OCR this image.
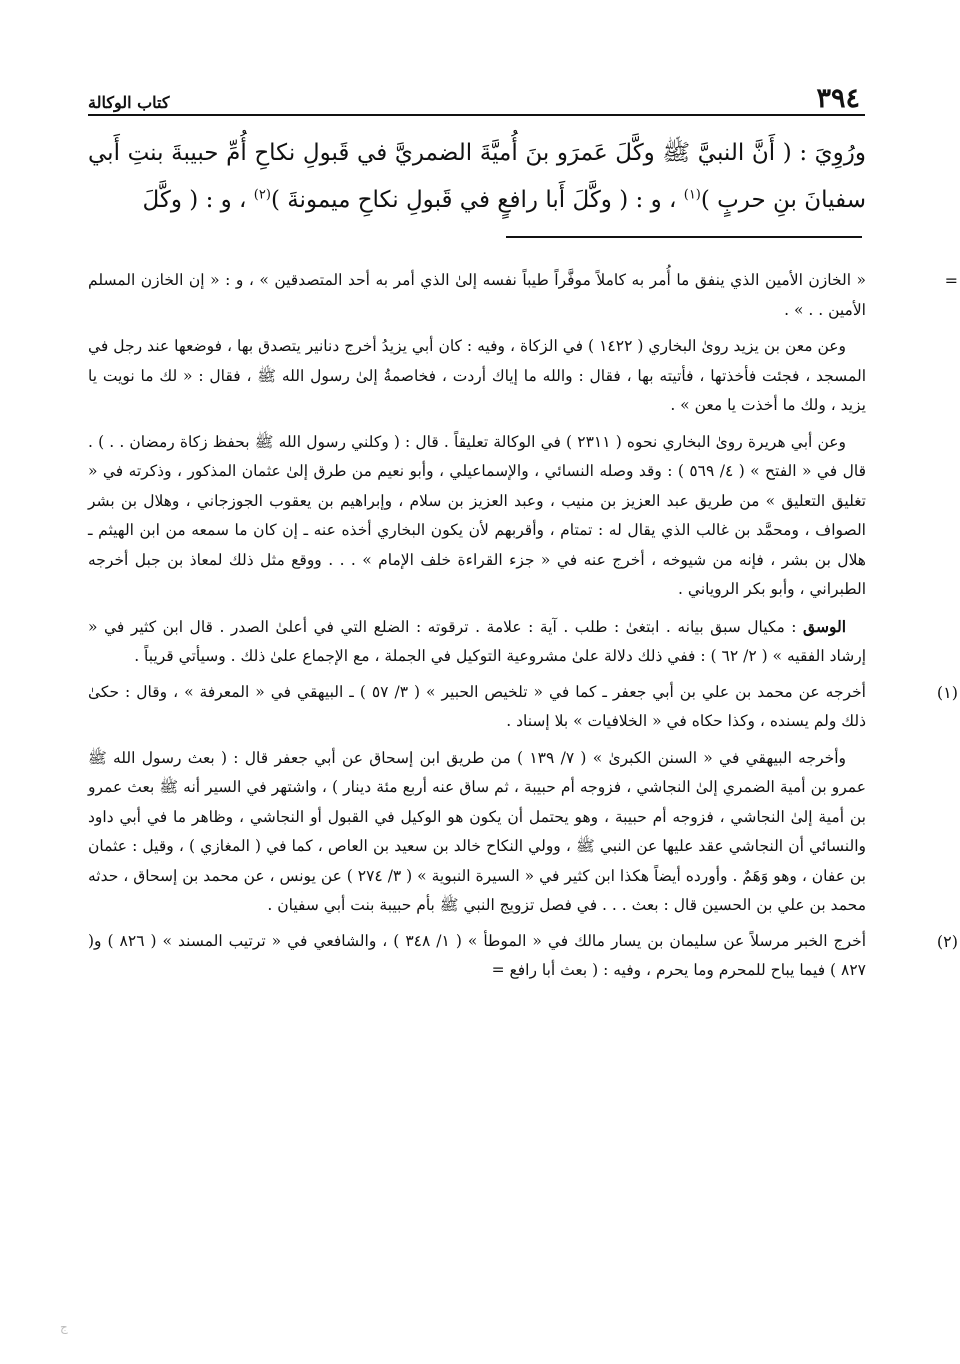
٣٩٤
كتاب الوكالة
ورُوِيَ : ( أَنَّ النبيَّ ﷺ وكَّلَ عَمرَو بنَ أُميَّةَ الضمريَّ في قَبولِ نكاحِ أُمِّ حبيبةَ بنتِ أَبي سفيانَ بنِ حربٍ )$^{(١)}$ ، و : ( وكَّلَ أَبا رافعٍ في قَبولِ نكاحِ ميمونةَ )$^{(٢)}$ ، و : ( وكَّلَ
=

« الخازن الأمين الذي ينفق ما أُمر به كاملاً موفَّراً طيباً نفسه إلىٰ الذي أمر به أحد المتصدقين » ، و : « إن الخازن المسلم الأمين . . » .

وعن معن بن يزيد روىٰ البخاري ( ١٤٢٢ ) في الزكاة ، وفيه : كان أبي يزيدُ أخرج دنانير يتصدق بها ، فوضعها عند رجل في المسجد ، فجئت فأخذتها ، فأتيته بها ، فقال : والله ما إياك أردت ، فخاصمةُ إلىٰ رسول الله ﷺ ، فقال : « لك ما نويت يا يزيد ، ولك ما أخذت يا معن » .

وعن أبي هريرة روىٰ البخاري نحوه ( ٢٣١١ ) في الوكالة تعليقاً . قال : ( وكلني رسول الله ﷺ بحفظ زكاة رمضان . . ) . قال في « الفتح » ( ٤/ ٥٦٩ ) : وقد وصله النسائي ، والإسماعيلي ، وأبو نعيم من طرق إلىٰ عثمان المذكور ، وذكرته في « تغليق التعليق » من طريق عبد العزيز بن منيب ، وعبد العزيز بن سلام ، وإبراهيم بن يعقوب الجوزجاني ، وهلال بن بشر الصواف ، ومحمَّد بن غالب الذي يقال له : تمتام ، وأقربهم لأن يكون البخاري أخذه عنه ـ إن كان ما سمعه من ابن الهيثم ـ هلال بن بشر ، فإنه من شيوخه ، أخرج عنه في « جزء القراءة خلف الإمام » . . . ووقع مثل ذلك لمعاذ بن جبل أخرجه الطبراني ، وأبو بكر الروياني .

الوسق : مكيال سبق بيانه . ابتغىٰ : طلب . آية : علامة . ترقوته : الضلع التي في أعلىٰ الصدر . قال ابن كثير في « إرشاد الفقيه » ( ٢/ ٦٢ ) : ففي ذلك دلالة علىٰ مشروعية التوكيل في الجملة ، مع الإجماع علىٰ ذلك . وسيأتي قريباً .

(١)

أخرجه عن محمد بن علي بن أبي جعفر ـ كما في « تلخيص الحبير » ( ٣/ ٥٧ ) ـ البيهقي في « المعرفة » ، وقال : حكىٰ ذلك ولم يسنده ، وكذا حكاه في « الخلافيات » بلا إسناد .

وأخرجه البيهقي في « السنن الكبرىٰ » ( ٧/ ١٣٩ ) من طريق ابن إسحاق عن أبي جعفر قال : ( بعث رسول الله ﷺ عمرو بن أمية الضمري إلىٰ النجاشي ، فزوجه أم حبيبة ، ثم ساق عنه أربع مئة دينار ) ، واشتهر في السير أنه ﷺ بعث عمرو بن أمية إلىٰ النجاشي ، فزوجه أم حبيبة ، وهو يحتمل أن يكون هو الوكيل في القبول أو النجاشي ، وظاهر ما في أبي داود والنسائي أن النجاشي عقد عليها عن النبي ﷺ ، وولي النكاح خالد بن سعيد بن العاص ، كما في ( المغازي ) ، وقيل : عثمان بن عفان ، وهو وَهَمٌ . وأورده أيضاً هكذا ابن كثير في « السيرة النبوية » ( ٣/ ٢٧٤ ) عن يونس ، عن محمد بن إسحاق ، حدثه محمد بن علي بن الحسين قال : بعث . . . في فصل تزويج النبي ﷺ بأم حبيبة بنت أبي سفيان .

(٢)

أخرج الخبر مرسلاً عن سليمان بن يسار مالك في « الموطأ » ( ١/ ٣٤٨ ) ، والشافعي في « ترتيب المسند » ( ٨٢٦ ) و( ٨٢٧ ) فيما يباح للمحرم وما يحرم ، وفيه : ( بعث أبا رافع =

ج
